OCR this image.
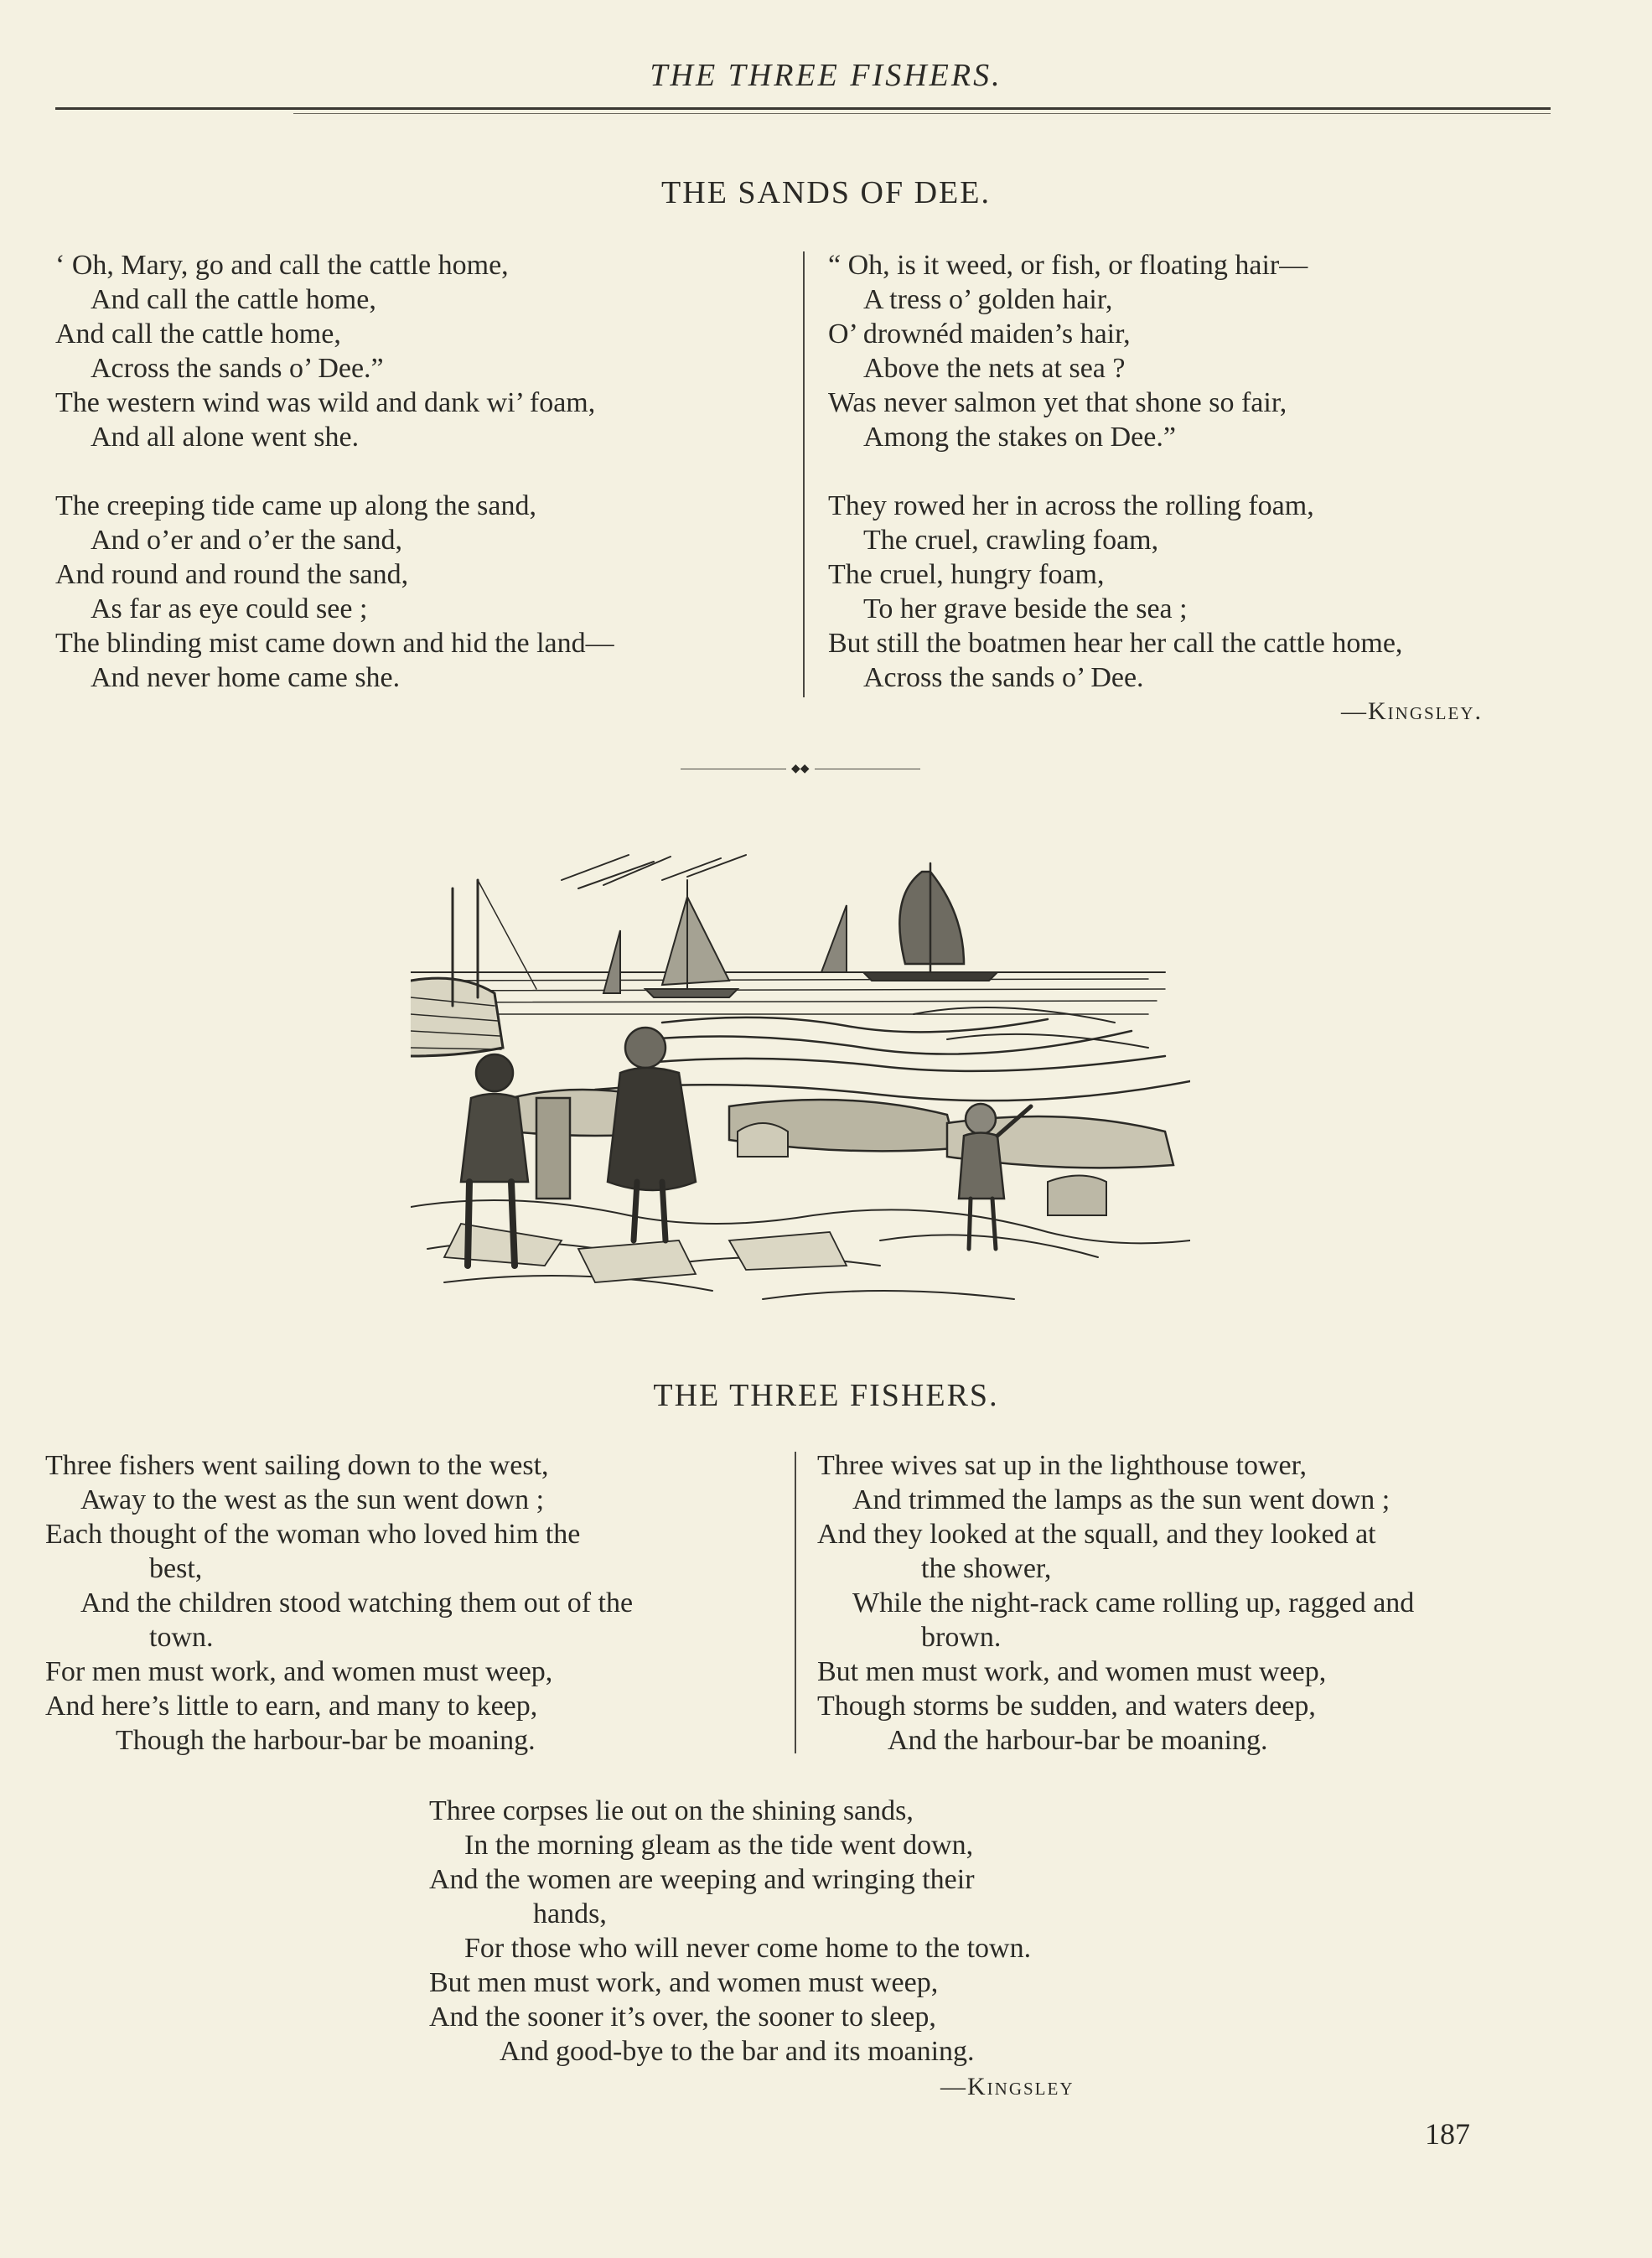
THE THREE FISHERS.
THE SANDS OF DEE.
‘ Oh, Mary, go and call the cattle home,
And call the cattle home,
And call the cattle home,
Across the sands o’ Dee.”
The western wind was wild and dank wi’ foam,
And all alone went she.
The creeping tide came up along the sand,
And o’er and o’er the sand,
And round and round the sand,
As far as eye could see ;
The blinding mist came down and hid the land—
And never home came she.
“ Oh, is it weed, or fish, or floating hair—
A tress o’ golden hair,
O’ drownéd maiden’s hair,
Above the nets at sea ?
Was never salmon yet that shone so fair,
Among the stakes on Dee.”
They rowed her in across the rolling foam,
The cruel, crawling foam,
The cruel, hungry foam,
To her grave beside the sea ;
But still the boatmen hear her call the cattle home,
Across the sands o’ Dee.
—Kingsley.
◆◆
THE THREE FISHERS.
Three fishers went sailing down to the west,
Away to the west as the sun went down ;
Each thought of the woman who loved him the
best,
And the children stood watching them out of the
town.
For men must work, and women must weep,
And here’s little to earn, and many to keep,
Though the harbour-bar be moaning.
Three wives sat up in the lighthouse tower,
And trimmed the lamps as the sun went down ;
And they looked at the squall, and they looked at
the shower,
While the night-rack came rolling up, ragged and
brown.
But men must work, and women must weep,
Though storms be sudden, and waters deep,
And the harbour-bar be moaning.
Three corpses lie out on the shining sands,
In the morning gleam as the tide went down,
And the women are weeping and wringing their
hands,
For those who will never come home to the town.
But men must work, and women must weep,
And the sooner it’s over, the sooner to sleep,
And good-bye to the bar and its moaning.
—Kingsley
187
